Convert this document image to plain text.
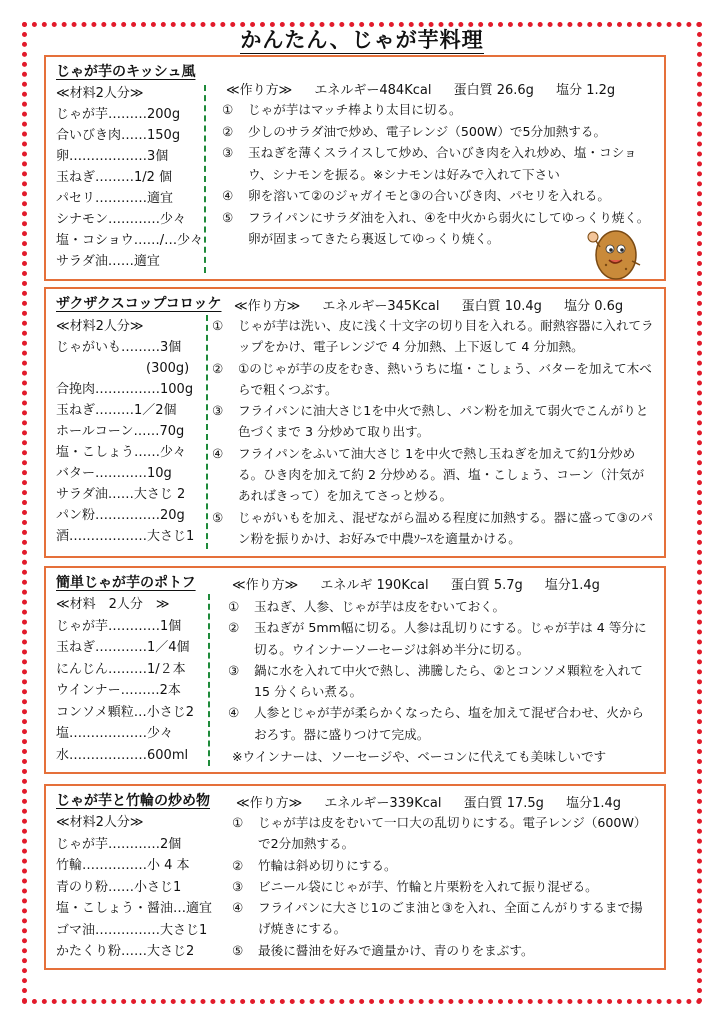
かんたん、じゃが芋料理
じゃが芋のキッシュ風
≪材料2人分≫
じゃが芋………200g
合いびき肉……150g
卵………………3個
玉ねぎ………1/2 個
パセリ…………適宜
シナモン…………少々
塩・コショウ……/…少々
サラダ油……適宜
≪作り方≫ エネルギー484Kcal 蛋白質 26.6g 塩分 1.2g
① じゃが芋はマッチ棒より太目に切る。
② 少しのサラダ油で炒め、電子レンジ（500W）で5分加熱する。
③ 玉ねぎを薄くスライスして炒め、合いびき肉を入れ炒め、塩・コショウ、シナモンを振る。※シナモンは好みで入れて下さい
④ 卵を溶いて②のジャガイモと③の合いびき肉、パセリを入れる。
⑤ フライパンにサラダ油を入れ、④を中火から弱火にしてゆっくり焼く。卵が固まってきたら裏返してゆっくり焼く。
ザクザクスコップコロッケ
≪材料2人分≫
じゃがいも………3個
(300g)
合挽肉……………100g
玉ねぎ………1／2個
ホールコーン……70g
塩・こしょう……少々
バター…………10g
サラダ油……大さじ 2
パン粉……………20g
酒………………大さじ1
≪作り方≫ エネルギー345Kcal 蛋白質 10.4g 塩分 0.6g
① じゃが芋は洗い、皮に浅く十文字の切り目を入れる。耐熱容器に入れてラップをかけ、電子レンジで 4 分加熱、上下返して 4 分加熱。
② ①のじゃが芋の皮をむき、熱いうちに塩・こしょう、バターを加えて木べらで粗くつぶす。
③ フライパンに油大さじ1を中火で熱し、パン粉を加えて弱火でこんがりと色づくまで 3 分炒めて取り出す。
④ フライパンをふいて油大さじ 1を中火で熱し玉ねぎを加えて約1分炒める。ひき肉を加えて約 2 分炒める。酒、塩・こしょう、コーン（汁気があればきって）を加えてさっと炒る。
⑤ じゃがいもを加え、混ぜながら温める程度に加熱する。器に盛って③のパン粉を振りかけ、お好みで中農ｿｰｽを適量かける。
簡単じゃが芋のポトフ
≪材料　2人分　≫
じゃが芋…………1個
玉ねぎ…………1／4個
にんじん………1/２本
ウインナー………2本
コンソメ顆粒…小さじ2
塩………………少々
水………………600ml
≪作り方≫ エネルギ 190Kcal 蛋白質 5.7g 塩分1.4g
① 玉ねぎ、人参、じゃが芋は皮をむいておく。
② 玉ねぎが 5mm幅に切る。人参は乱切りにする。じゃが芋は 4 等分に切る。ウインナーソーセージは斜め半分に切る。
③ 鍋に水を入れて中火で熱し、沸騰したら、②とコンソメ顆粒を入れて 15 分くらい煮る。
④ 人参とじゃが芋が柔らかくなったら、塩を加えて混ぜ合わせ、火からおろす。器に盛りつけて完成。
※ウインナーは、ソーセージや、ベーコンに代えても美味しいです
じゃが芋と竹輪の炒め物
≪材料2人分≫
じゃが芋…………2個
竹輪……………小 4 本
青のり粉……小さじ1
塩・こしょう・醤油…適宜
ゴマ油……………大さじ1
かたくり粉……大さじ2
≪作り方≫ エネルギー339Kcal 蛋白質 17.5g 塩分1.4g
① じゃが芋は皮をむいて一口大の乱切りにする。電子レンジ（600W）で2分加熱する。
② 竹輪は斜め切りにする。
③ ビニール袋にじゃが芋、竹輪と片栗粉を入れて振り混ぜる。
④ フライパンに大さじ1のごま油と③を入れ、全面こんがりするまで揚げ焼きにする。
⑤ 最後に醤油を好みで適量かけ、青のりをまぶす。
